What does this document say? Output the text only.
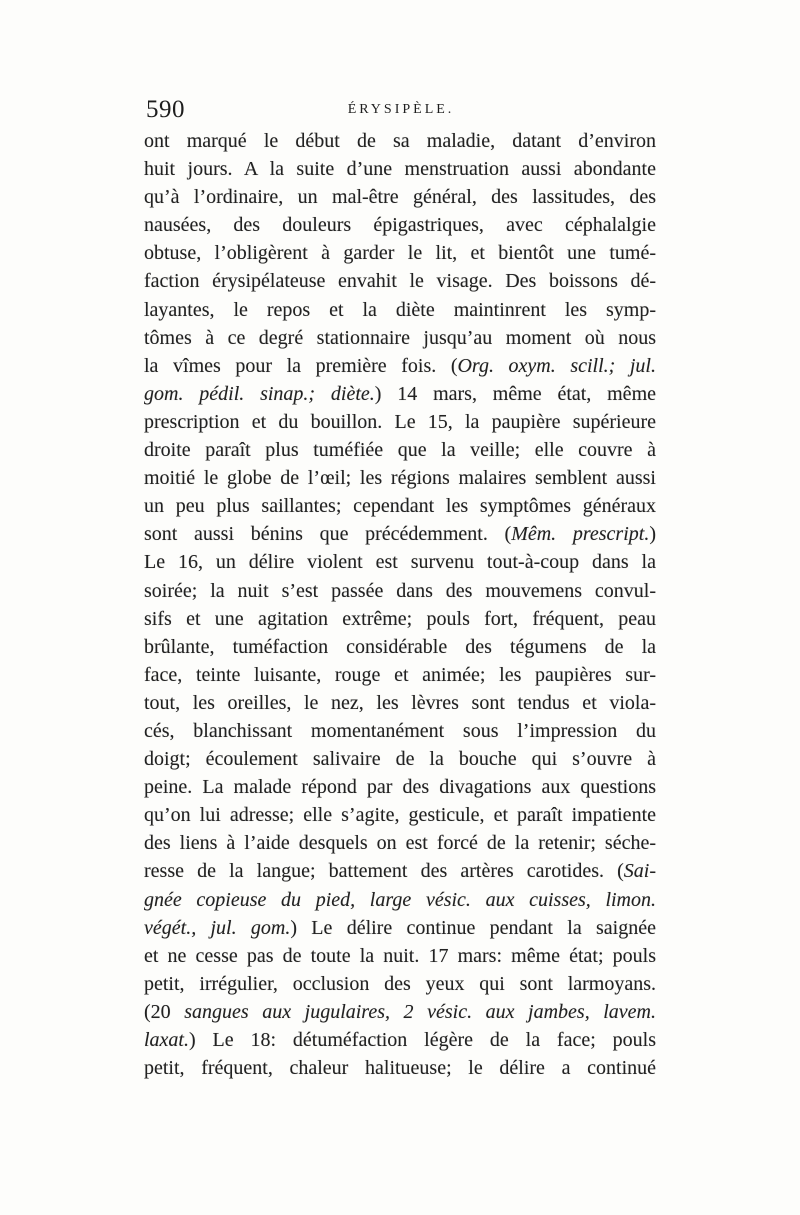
590	ÉRYSIPÈLE.
ont marqué le début de sa maladie, datant d’environ
huit jours. A la suite d’une menstruation aussi abondante
qu’à l’ordinaire, un mal-être général, des lassitudes, des
nausées, des douleurs épigastriques, avec céphalalgie
obtuse, l’obligèrent à garder le lit, et bientôt une tumé-
faction érysipélateuse envahit le visage. Des boissons dé-
layantes, le repos et la diète maintinrent les symp-
tômes à ce degré stationnaire jusqu’au moment où nous
la vîmes pour la première fois. (Org. oxym. scill.; jul.
gom. pédil. sinap.; diète.) 14 mars, même état, même
prescription et du bouillon. Le 15, la paupière supérieure
droite paraît plus tuméfiée que la veille; elle couvre à
moitié le globe de l’œil; les régions malaires semblent aussi
un peu plus saillantes; cependant les symptômes généraux
sont aussi bénins que précédemment. (Mêm. prescript.)
Le 16, un délire violent est survenu tout-à-coup dans la
soirée; la nuit s’est passée dans des mouvemens convul-
sifs et une agitation extrême; pouls fort, fréquent, peau
brûlante, tuméfaction considérable des tégumens de la
face, teinte luisante, rouge et animée; les paupières sur-
tout, les oreilles, le nez, les lèvres sont tendus et viola-
cés, blanchissant momentanément sous l’impression du
doigt; écoulement salivaire de la bouche qui s’ouvre à
peine. La malade répond par des divagations aux questions
qu’on lui adresse; elle s’agite, gesticule, et paraît impatiente
des liens à l’aide desquels on est forcé de la retenir; séche-
resse de la langue; battement des artères carotides. (Sai-
gnée copieuse du pied, large vésic. aux cuisses, limon.
végét., jul. gom.) Le délire continue pendant la saignée
et ne cesse pas de toute la nuit. 17 mars: même état; pouls
petit, irrégulier, occlusion des yeux qui sont larmoyans.
(20 sangues aux jugulaires, 2 vésic. aux jambes, lavem.
laxat.) Le 18: détuméfaction légère de la face; pouls
petit, fréquent, chaleur halitueuse; le délire a continué
